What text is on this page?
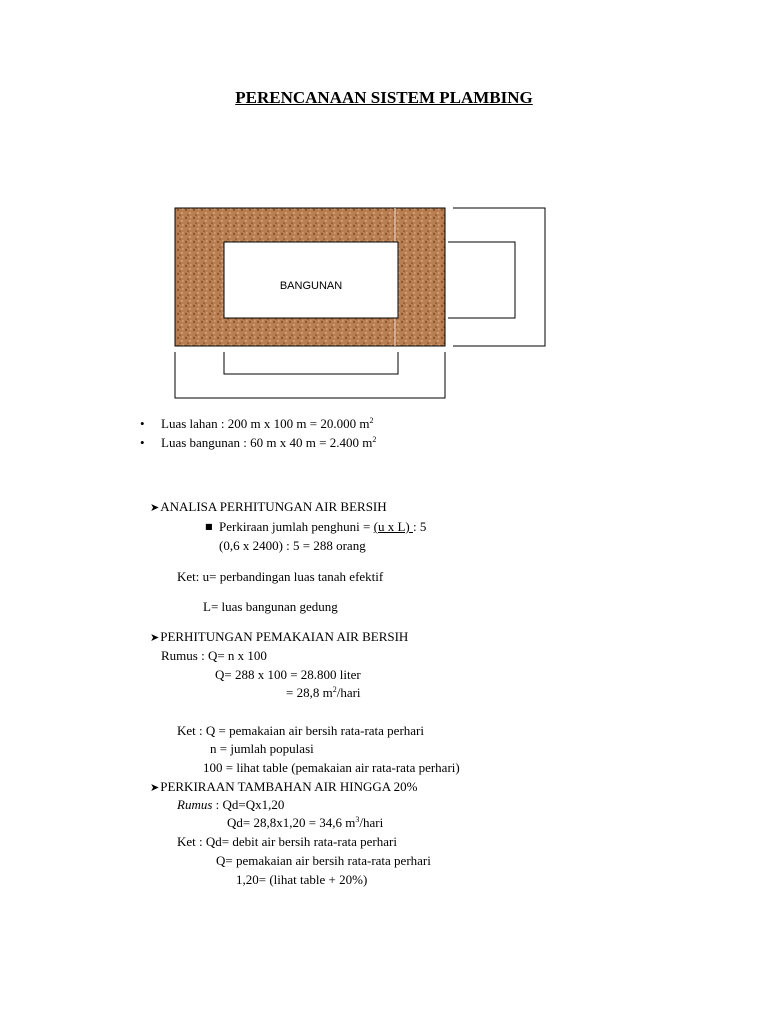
PERENCANAAN SISTEM PLAMBING
BANGUNAN
• Luas lahan : 200 m x 100 m = 20.000 $m^2$
• Luas bangunan : 60 m x 40 m = 2.400 $m^2$
➤ANALISA PERHITUNGAN AIR BERSIH
■ Perkiraan jumlah penghuni = (u x L) : 5
(0,6 x 2400) : 5 = 288 orang
Ket: u= perbandingan luas tanah efektif
L= luas bangunan gedung
➤PERHITUNGAN PEMAKAIAN AIR BERSIH
Rumus : Q= n x 100
Q= 288 x 100 = 28.800 liter
= 28,8 $m^2$/hari
Ket : Q = pemakaian air bersih rata-rata perhari
n = jumlah populasi
100 = lihat table (pemakaian air rata-rata perhari)
➤PERKIRAAN TAMBAHAN AIR HINGGA 20%
Rumus : Qd=Qx1,20
Qd= 28,8x1,20 = 34,6 $m^3$/hari
Ket : Qd= debit air bersih rata-rata perhari
Q= pemakaian air bersih rata-rata perhari
1,20= (lihat table + 20%)
